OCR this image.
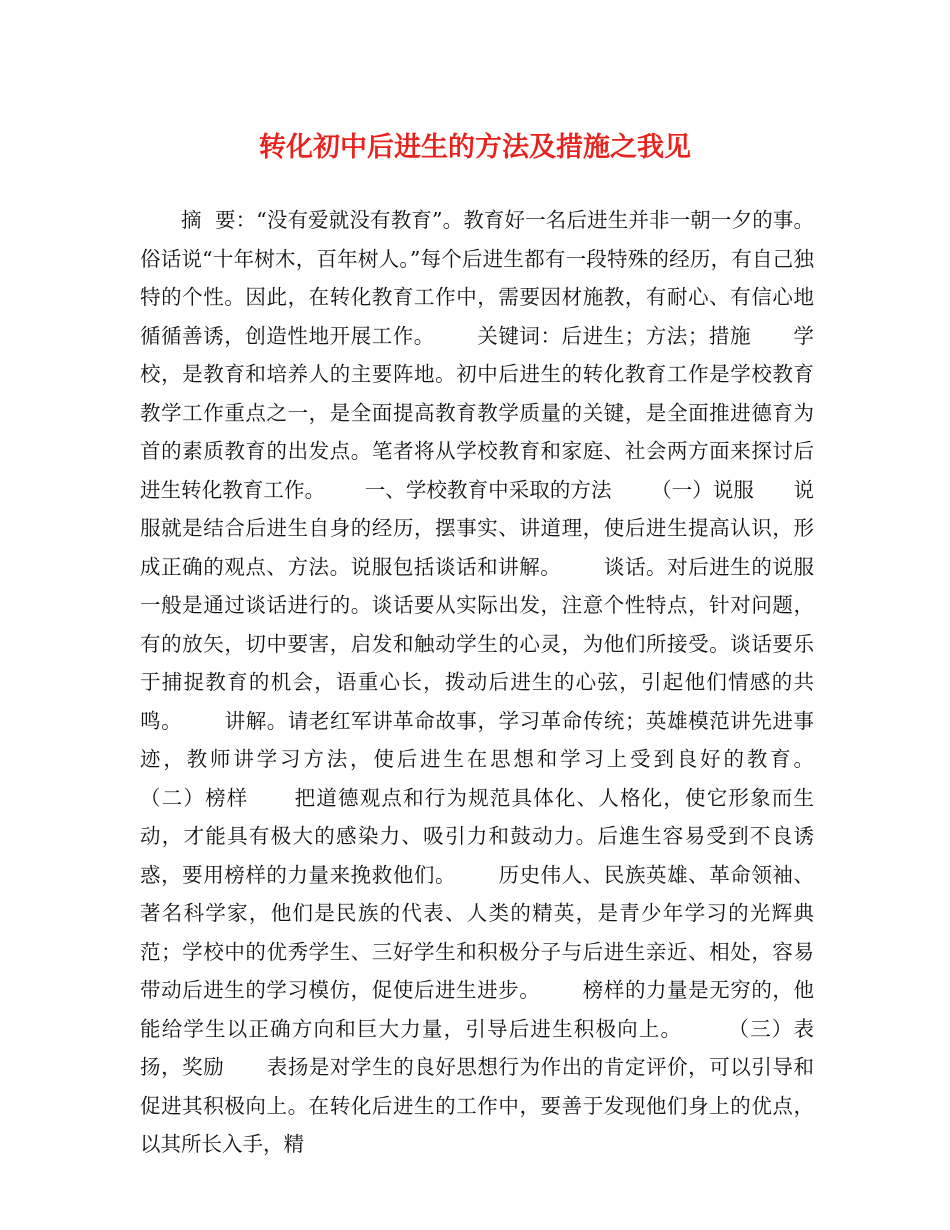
转化初中后进生的方法及措施之我见

摘  要：“没有爱就没有教育”。教育好一名后进生并非一朝一夕的事。俗话说“十年树木，百年树人。”每个后进生都有一段特殊的经历，有自己独特的个性。因此，在转化教育工作中，需要因材施教，有耐心、有信心地循循善诱，创造性地开展工作。      关键词：后进生；方法；措施      学校，是教育和培养人的主要阵地。初中后进生的转化教育工作是学校教育教学工作重点之一，是全面提高教育教学质量的关键，是全面推进德育为首的素质教育的出发点。笔者将从学校教育和家庭、社会两方面来探讨后进生转化教育工作。      一、学校教育中采取的方法      （一）说服      说服就是结合后进生自身的经历，摆事实、讲道理，使后进生提高认识，形成正确的观点、方法。说服包括谈话和讲解。      谈话。对后进生的说服一般是通过谈话进行的。谈话要从实际出发，注意个性特点，针对问题，有的放矢，切中要害，启发和触动学生的心灵，为他们所接受。谈话要乐于捕捉教育的机会，语重心长，拨动后进生的心弦，引起他们情感的共鸣。      讲解。请老红军讲革命故事，学习革命传统；英雄模范讲先进事迹，教师讲学习方法，使后进生在思想和学习上受到良好的教育。      （二）榜样      把道德观点和行为规范具体化、人格化，使它形象而生动，才能具有极大的感染力、吸引力和鼓动力。后進生容易受到不良诱惑，要用榜样的力量来挽救他们。      历史伟人、民族英雄、革命领袖、著名科学家，他们是民族的代表、人类的精英，是青少年学习的光辉典范；学校中的优秀学生、三好学生和积极分子与后进生亲近、相处，容易带动后进生的学习模仿，促使后进生进步。      榜样的力量是无穷的，他能给学生以正确方向和巨大力量，引导后进生积极向上。      （三）表扬，奖励      表扬是对学生的良好思想行为作出的肯定评价，可以引导和促进其积极向上。在转化后进生的工作中，要善于发现他们身上的优点，以其所长入手，精
